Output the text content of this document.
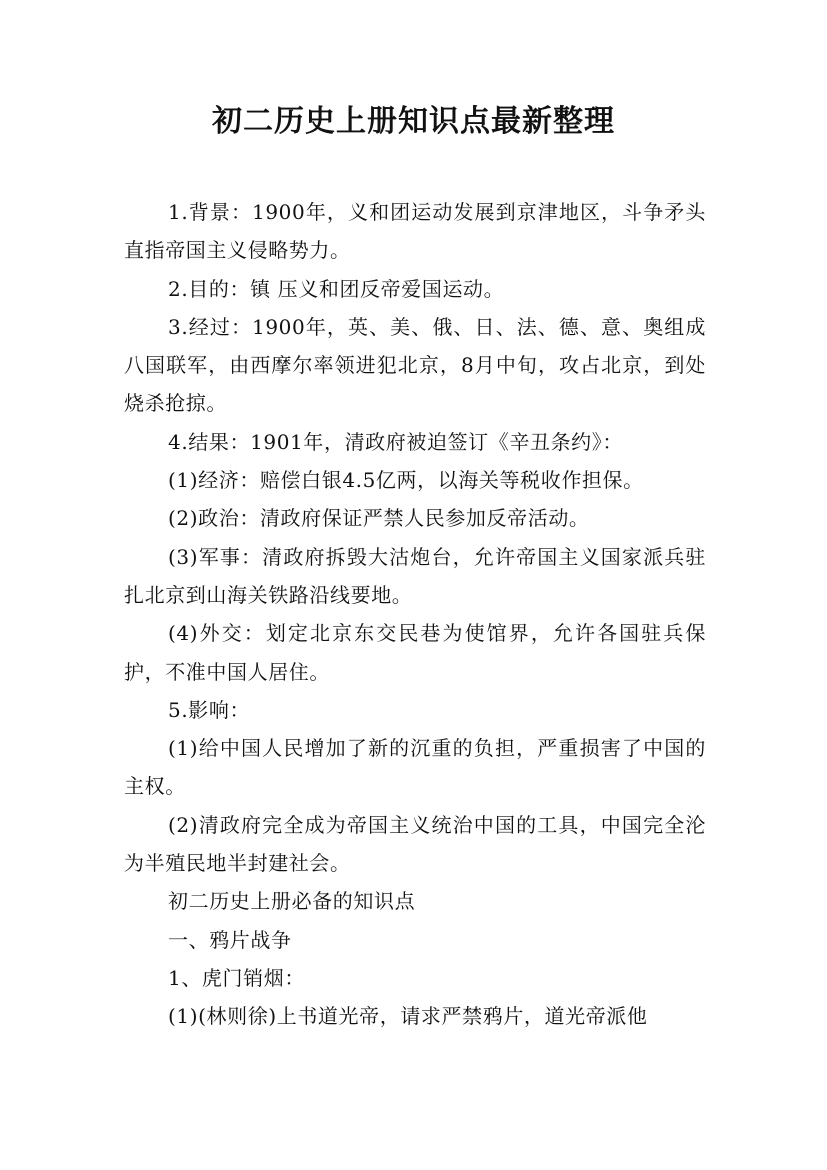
初二历史上册知识点最新整理

1.背景：1900年，义和团运动发展到京津地区，斗争矛头直指帝国主义侵略势力。

2.目的：镇 压义和团反帝爱国运动。

3.经过：1900年，英、美、俄、日、法、德、意、奥组成八国联军，由西摩尔率领进犯北京，8月中旬，攻占北京，到处烧杀抢掠。

4.结果：1901年，清政府被迫签订《辛丑条约》：

(1)经济：赔偿白银4.5亿两，以海关等税收作担保。

(2)政治：清政府保证严禁人民参加反帝活动。

(3)军事：清政府拆毁大沽炮台，允许帝国主义国家派兵驻扎北京到山海关铁路沿线要地。

(4)外交：划定北京东交民巷为使馆界，允许各国驻兵保护，不准中国人居住。

5.影响：

(1)给中国人民增加了新的沉重的负担，严重损害了中国的主权。

(2)清政府完全成为帝国主义统治中国的工具，中国完全沦为半殖民地半封建社会。

初二历史上册必备的知识点

一、鸦片战争

1、虎门销烟：

(1)(林则徐)上书道光帝，请求严禁鸦片，道光帝派他
